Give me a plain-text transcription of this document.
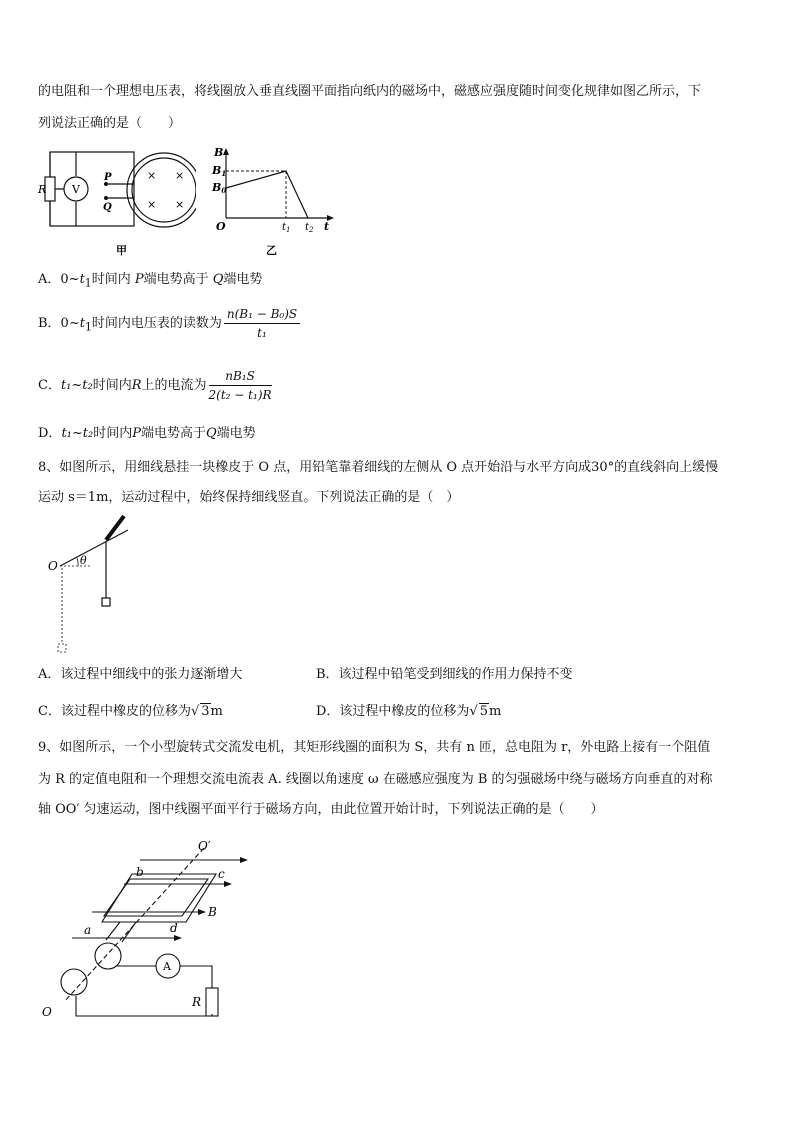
的电阻和一个理想电压表，将线圈放入垂直线圈平面指向纸内的磁场中，磁感应强度随时间变化规律如图乙所示，下
列说法正确的是（　　）
R V
P
Q
× ×
× ×
甲
B
B1
B0
O	$t_1$ $t_2$ t
乙
A．$0\sim t_1$时间内 P端电势高于 Q端电势
B．$0\sim t_1$时间内电压表的读数为 $\frac{\text{n(B₁ − B₀)S}}{\text{t₁}}$
C．t₁~t₂时间内R上的电流为 $\frac{\text{nB₁S}}{\text{2(t₂ − t₁)R}}$
D．t₁~t₂时间内P端电势高于Q端电势
8、如图所示，用细线悬挂一块橡皮于 O 点，用铅笔靠着细线的左侧从 O 点开始沿与水平方向成30°的直线斜向上缓慢
运动 s＝1m，运动过程中，始终保持细线竖直。下列说法正确的是（　）
O θ
A．该过程中细线中的张力逐渐增大	B．该过程中铅笔受到细线的作用力保持不变
C．该过程中橡皮的位移为√ 3m	D．该过程中橡皮的位移为√ 5m
9、如图所示，一个小型旋转式交流发电机，其矩形线圈的面积为 S，共有 n 匝，总电阻为 r，外电路上接有一个阻值
为 R 的定值电阻和一个理想交流电流表 A. 线圈以角速度 ω 在磁感应强度为 B 的匀强磁场中绕与磁场方向垂直的对称
轴 OO′ 匀速运动，图中线圈平面平行于磁场方向，由此位置开始计时，下列说法正确的是（　　）
O′
O
a
b	c
d
B
A
R
